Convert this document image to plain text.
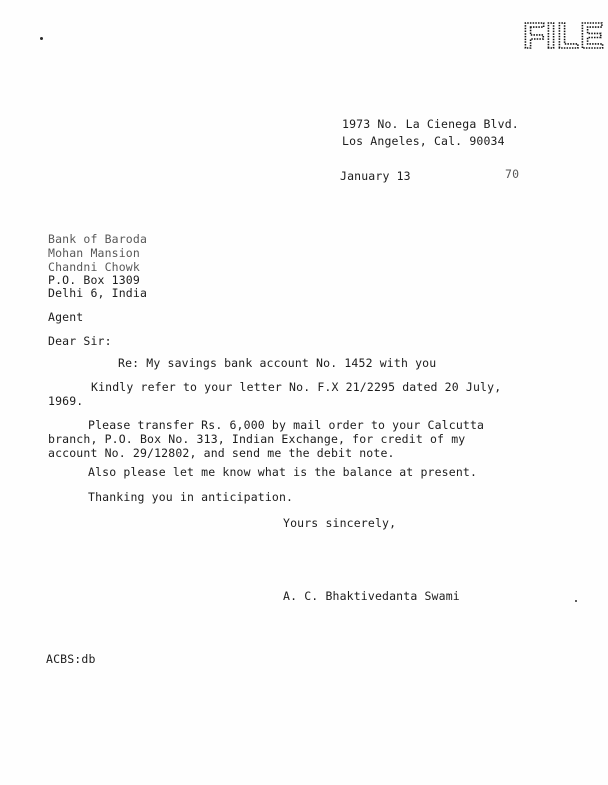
FILE
1973 No. La Cienega Blvd.
Los Angeles, Cal. 90034
January 13	70
Bank of Baroda
Mohan Mansion
Chandni Chowk
P.O. Box 1309
Delhi 6, India
Agent
Dear Sir:
Re: My savings bank account No. 1452 with you
Kindly refer to your letter No. F.X 21/2295 dated 20 July,
1969.
Please transfer Rs. 6,000 by mail order to your Calcutta
branch, P.O. Box No. 313, Indian Exchange, for credit of my
account No. 29/12802, and send me the debit note.
Also please let me know what is the balance at present.
Thanking you in anticipation.
Yours sincerely,
A. C. Bhaktivedanta Swami
ACBS:db
